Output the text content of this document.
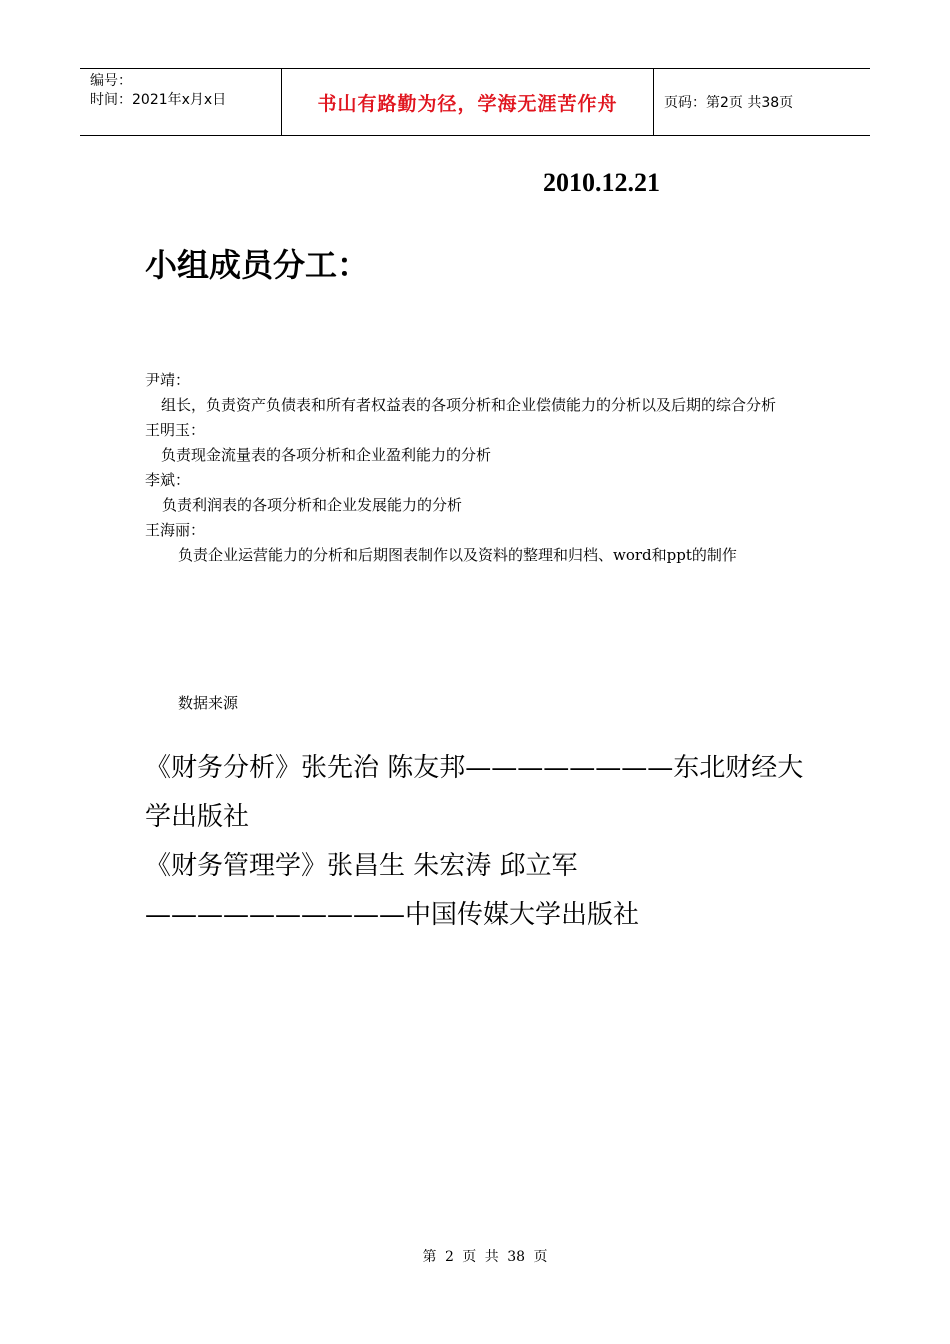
编号：
时间：2021年x月x日	书山有路勤为径，学海无涯苦作舟	页码：第2页 共38页
2010.12.21
小组成员分工：
尹靖：
组长，负责资产负债表和所有者权益表的各项分析和企业偿债能力的分析以及后期的综合分析
王明玉：
负责现金流量表的各项分析和企业盈利能力的分析
李斌：
负责利润表的各项分析和企业发展能力的分析
王海丽：
负责企业运营能力的分析和后期图表制作以及资料的整理和归档、word和ppt的制作
数据来源
《财务分析》张先治 陈友邦————————东北财经大学出版社
《财务管理学》张昌生 朱宏涛 邱立军——————————中国传媒大学出版社
第 2 页 共 38 页
